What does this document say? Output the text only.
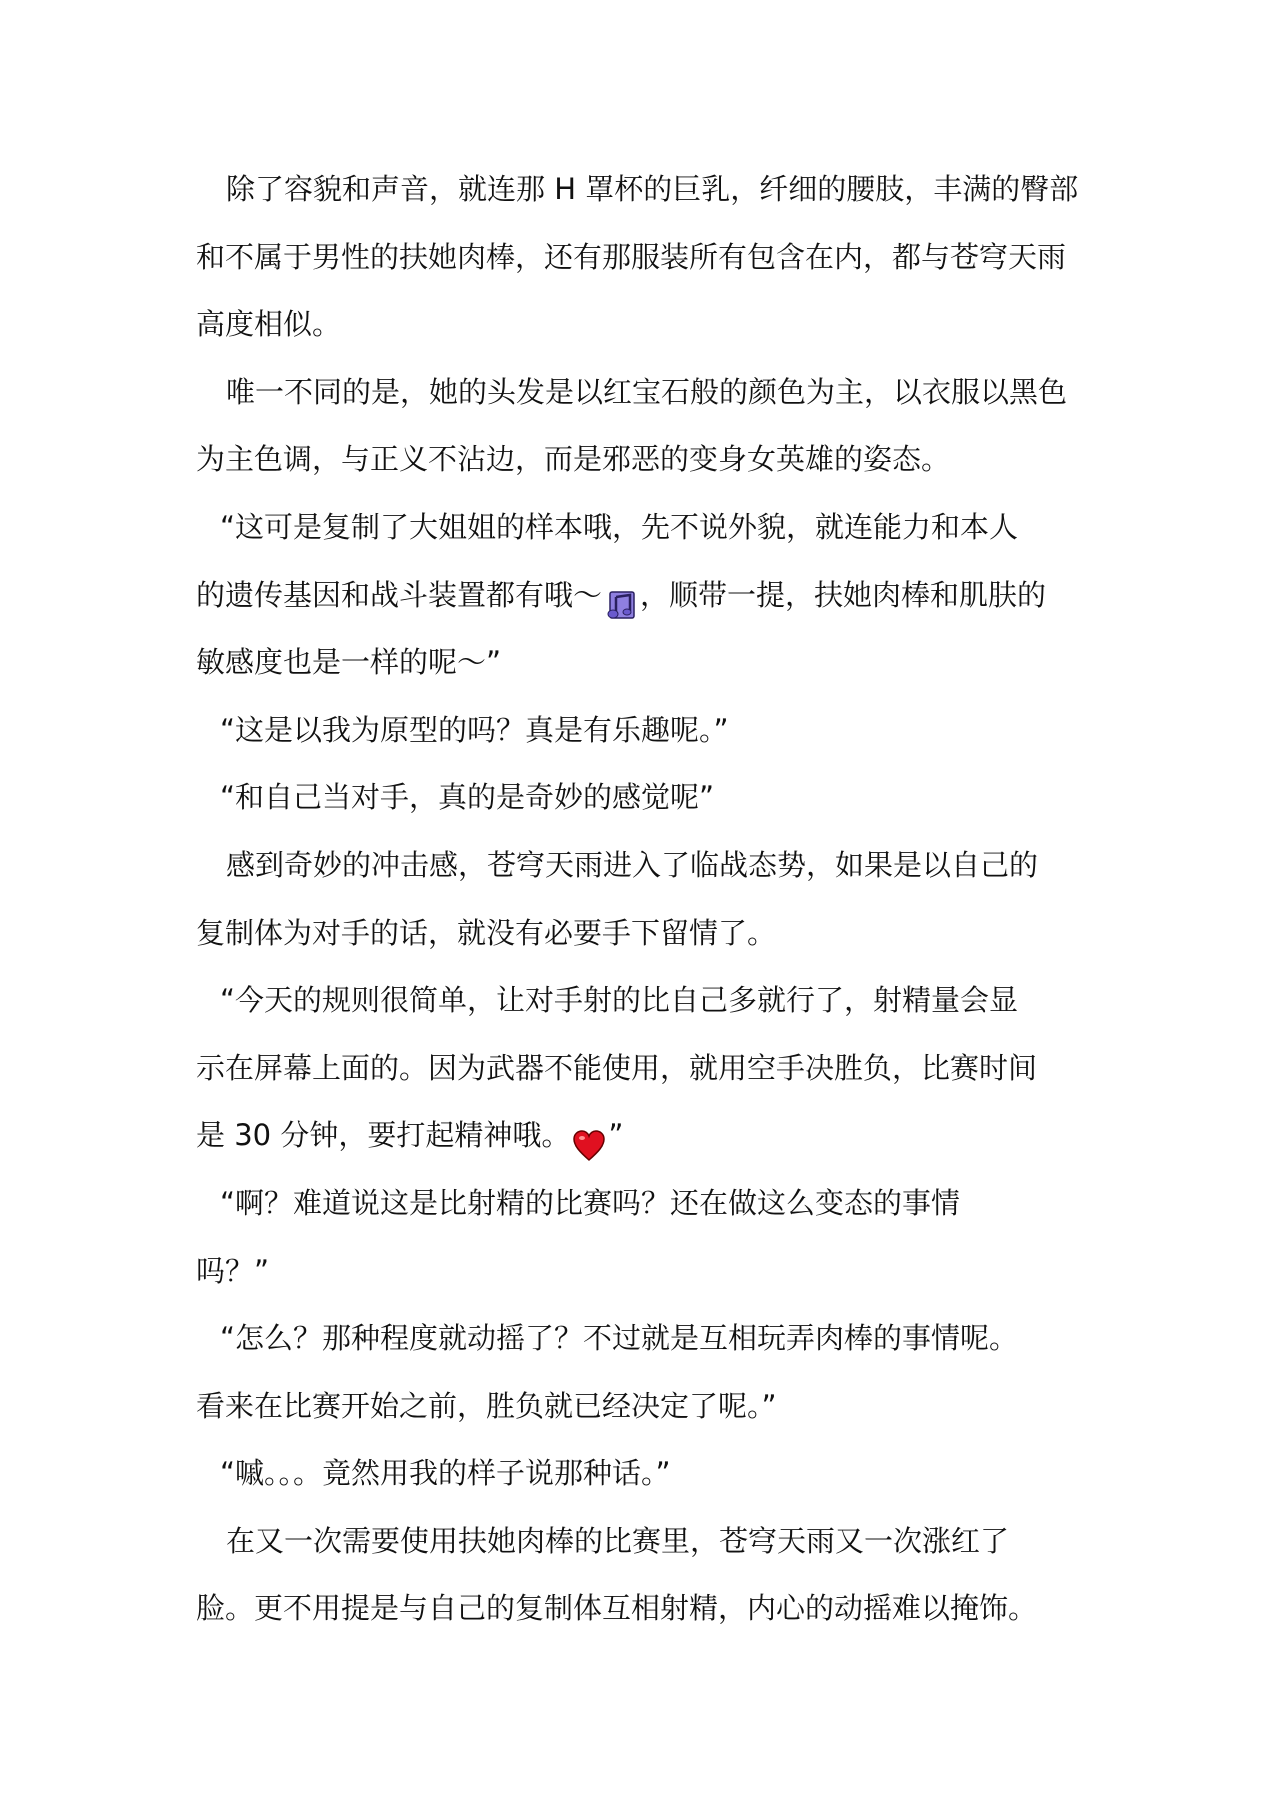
除了容貌和声音，就连那 H 罩杯的巨乳，纤细的腰肢，丰满的臀部
和不属于男性的扶她肉棒，还有那服装所有包含在内，都与苍穹天雨
高度相似。
唯一不同的是，她的头发是以红宝石般的颜色为主，以衣服以黑色
为主色调，与正义不沾边，而是邪恶的变身女英雄的姿态。
“这可是复制了大姐姐的样本哦，先不说外貌，就连能力和本人
的遗传基因和战斗装置都有哦～ ，顺带一提，扶她肉棒和肌肤的
敏感度也是一样的呢～”
“这是以我为原型的吗？真是有乐趣呢。”
“和自己当对手，真的是奇妙的感觉呢”
感到奇妙的冲击感，苍穹天雨进入了临战态势，如果是以自己的
复制体为对手的话，就没有必要手下留情了。
“今天的规则很简单，让对手射的比自己多就行了，射精量会显
示在屏幕上面的。因为武器不能使用，就用空手决胜负，比赛时间
是 30 分钟，要打起精神哦。 ”
“啊？难道说这是比射精的比赛吗？还在做这么变态的事情
吗？”
“怎么？那种程度就动摇了？不过就是互相玩弄肉棒的事情呢。
看来在比赛开始之前，胜负就已经决定了呢。”
“嘁。。。竟然用我的样子说那种话。”
在又一次需要使用扶她肉棒的比赛里，苍穹天雨又一次涨红了
脸。更不用提是与自己的复制体互相射精，内心的动摇难以掩饰。
